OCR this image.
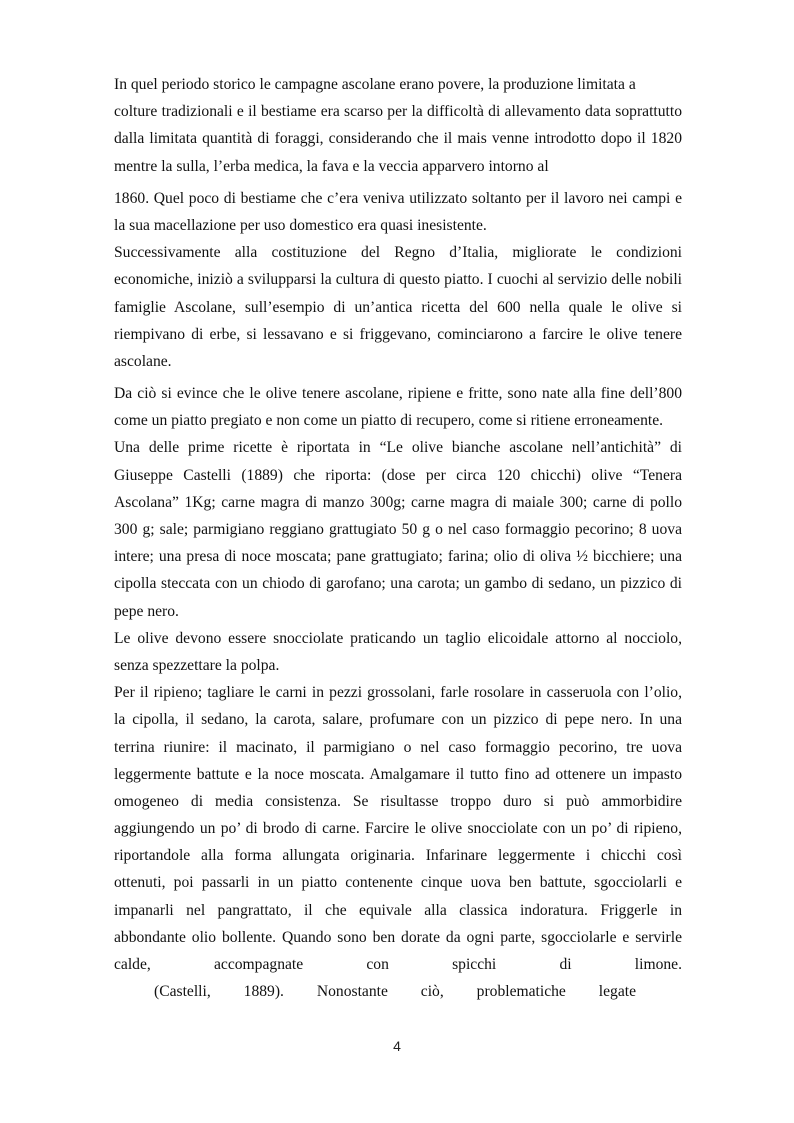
In quel periodo storico le campagne ascolane erano povere, la produzione limitata a
colture tradizionali e il bestiame era scarso per la difficoltà di allevamento data soprattutto
dalla limitata quantità di foraggi, considerando che il mais venne introdotto dopo il 1820
mentre la sulla, l’erba medica, la fava e la veccia apparvero intorno al
1860. Quel poco di bestiame che c’era veniva utilizzato soltanto per il lavoro nei campi e
la sua macellazione per uso domestico era quasi inesistente.
Successivamente alla costituzione del Regno d’Italia, migliorate le condizioni
economiche, iniziò a svilupparsi la cultura di questo piatto. I cuochi al servizio delle nobili
famiglie Ascolane, sull’esempio di un’antica ricetta del 600 nella quale le olive si
riempivano di erbe, si lessavano e si friggevano, cominciarono a farcire le olive tenere
ascolane.
Da ciò si evince che le olive tenere ascolane, ripiene e fritte, sono nate alla fine dell’800
come un piatto pregiato e non come un piatto di recupero, come si ritiene erroneamente.
Una delle prime ricette è riportata in “Le olive bianche ascolane nell’antichità” di
Giuseppe Castelli (1889) che riporta: (dose per circa 120 chicchi) olive “Tenera
Ascolana” 1Kg; carne magra di manzo 300g; carne magra di maiale 300; carne di pollo
300 g; sale; parmigiano reggiano grattugiato 50 g o nel caso formaggio pecorino; 8 uova
intere; una presa di noce moscata; pane grattugiato; farina; olio di oliva ½ bicchiere; una
cipolla steccata con un chiodo di garofano; una carota; un gambo di sedano, un pizzico di
pepe nero.
Le olive devono essere snocciolate praticando un taglio elicoidale attorno al nocciolo,
senza spezzettare la polpa.
Per il ripieno; tagliare le carni in pezzi grossolani, farle rosolare in casseruola con l’olio,
la cipolla, il sedano, la carota, salare, profumare con un pizzico di pepe nero. In una
terrina riunire: il macinato, il parmigiano o nel caso formaggio pecorino, tre uova
leggermente battute e la noce moscata. Amalgamare il tutto fino ad ottenere un impasto
omogeneo di media consistenza. Se risultasse troppo duro si può ammorbidire
aggiungendo un po’ di brodo di carne. Farcire le olive snocciolate con un po’ di ripieno,
riportandole alla forma allungata originaria. Infarinare leggermente i chicchi così
ottenuti, poi passarli in un piatto contenente cinque uova ben battute, sgocciolarli e
impanarli nel pangrattato, il che equivale alla classica indoratura. Friggerle in
abbondante olio bollente. Quando sono ben dorate da ogni parte, sgocciolarle e servirle
calde, accompagnate con spicchi di limone.
(Castelli, 1889). Nonostante ciò, problematiche legate
4
